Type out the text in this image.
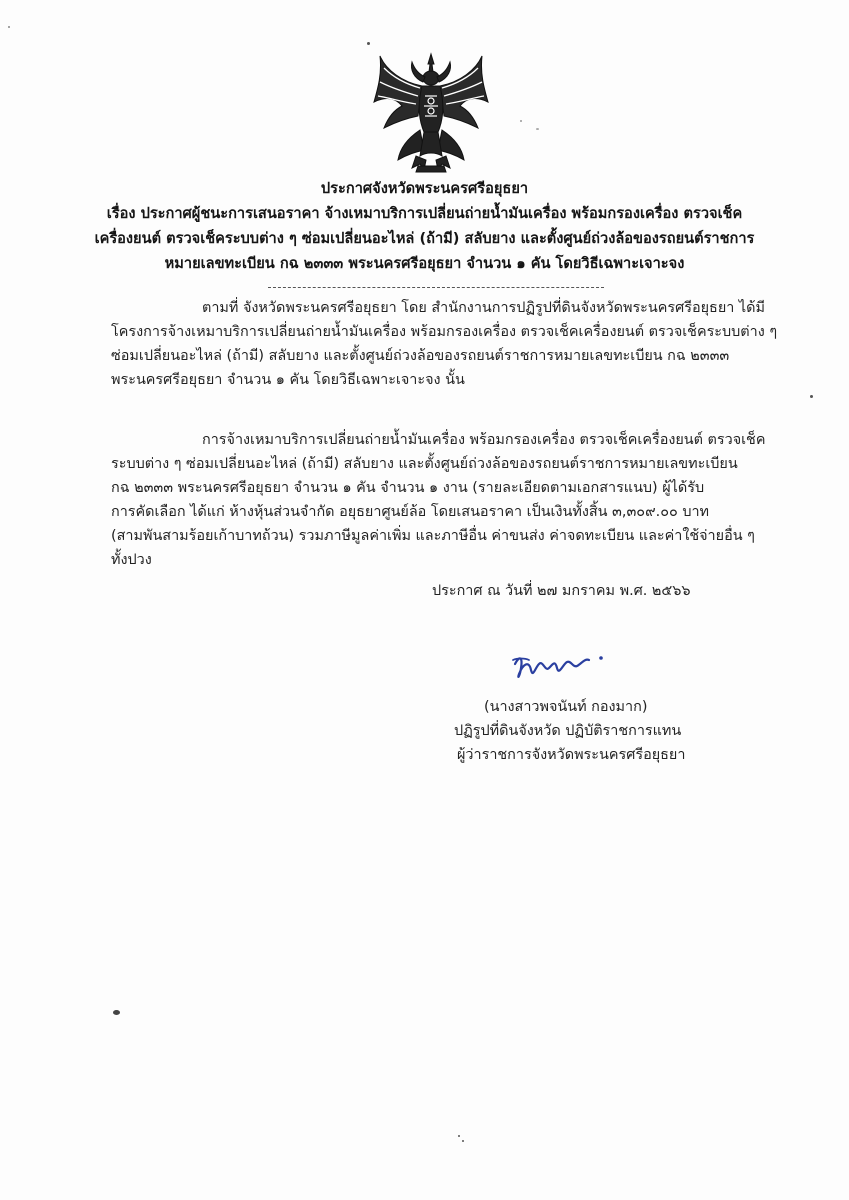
ประกาศจังหวัดพระนครศรีอยุธยา
เรื่อง ประกาศผู้ชนะการเสนอราคา จ้างเหมาบริการเปลี่ยนถ่ายน้ำมันเครื่อง พร้อมกรองเครื่อง ตรวจเช็ค
เครื่องยนต์ ตรวจเช็คระบบต่าง ๆ ซ่อมเปลี่ยนอะไหล่ (ถ้ามี) สลับยาง และตั้งศูนย์ถ่วงล้อของรถยนต์ราชการ
หมายเลขทะเบียน กฉ ๒๓๓๓ พระนครศรีอยุธยา จำนวน ๑ คัน โดยวิธีเฉพาะเจาะจง
ตามที่ จังหวัดพระนครศรีอยุธยา โดย สำนักงานการปฏิรูปที่ดินจังหวัดพระนครศรีอยุธยา ได้มี
โครงการจ้างเหมาบริการเปลี่ยนถ่ายน้ำมันเครื่อง พร้อมกรองเครื่อง ตรวจเช็คเครื่องยนต์ ตรวจเช็คระบบต่าง ๆ
ซ่อมเปลี่ยนอะไหล่ (ถ้ามี) สลับยาง และตั้งศูนย์ถ่วงล้อของรถยนต์ราชการหมายเลขทะเบียน กฉ ๒๓๓๓
พระนครศรีอยุธยา จำนวน ๑ คัน โดยวิธีเฉพาะเจาะจง นั้น
การจ้างเหมาบริการเปลี่ยนถ่ายน้ำมันเครื่อง พร้อมกรองเครื่อง ตรวจเช็คเครื่องยนต์ ตรวจเช็ค
ระบบต่าง ๆ ซ่อมเปลี่ยนอะไหล่ (ถ้ามี) สลับยาง และตั้งศูนย์ถ่วงล้อของรถยนต์ราชการหมายเลขทะเบียน
กฉ ๒๓๓๓ พระนครศรีอยุธยา จำนวน ๑ คัน จำนวน ๑ งาน (รายละเอียดตามเอกสารแนบ) ผู้ได้รับ
การคัดเลือก ได้แก่ ห้างหุ้นส่วนจำกัด อยุธยาศูนย์ล้อ โดยเสนอราคา เป็นเงินทั้งสิ้น ๓,๓๐๙.๐๐ บาท
(สามพันสามร้อยเก้าบาทถ้วน) รวมภาษีมูลค่าเพิ่ม และภาษีอื่น ค่าขนส่ง ค่าจดทะเบียน และค่าใช้จ่ายอื่น ๆ
ทั้งปวง
ประกาศ ณ วันที่ ๒๗ มกราคม พ.ศ. ๒๕๖๖
(นางสาวพจนันท์ กองมาก)
ปฏิรูปที่ดินจังหวัด ปฏิบัติราชการแทน
ผู้ว่าราชการจังหวัดพระนครศรีอยุธยา
